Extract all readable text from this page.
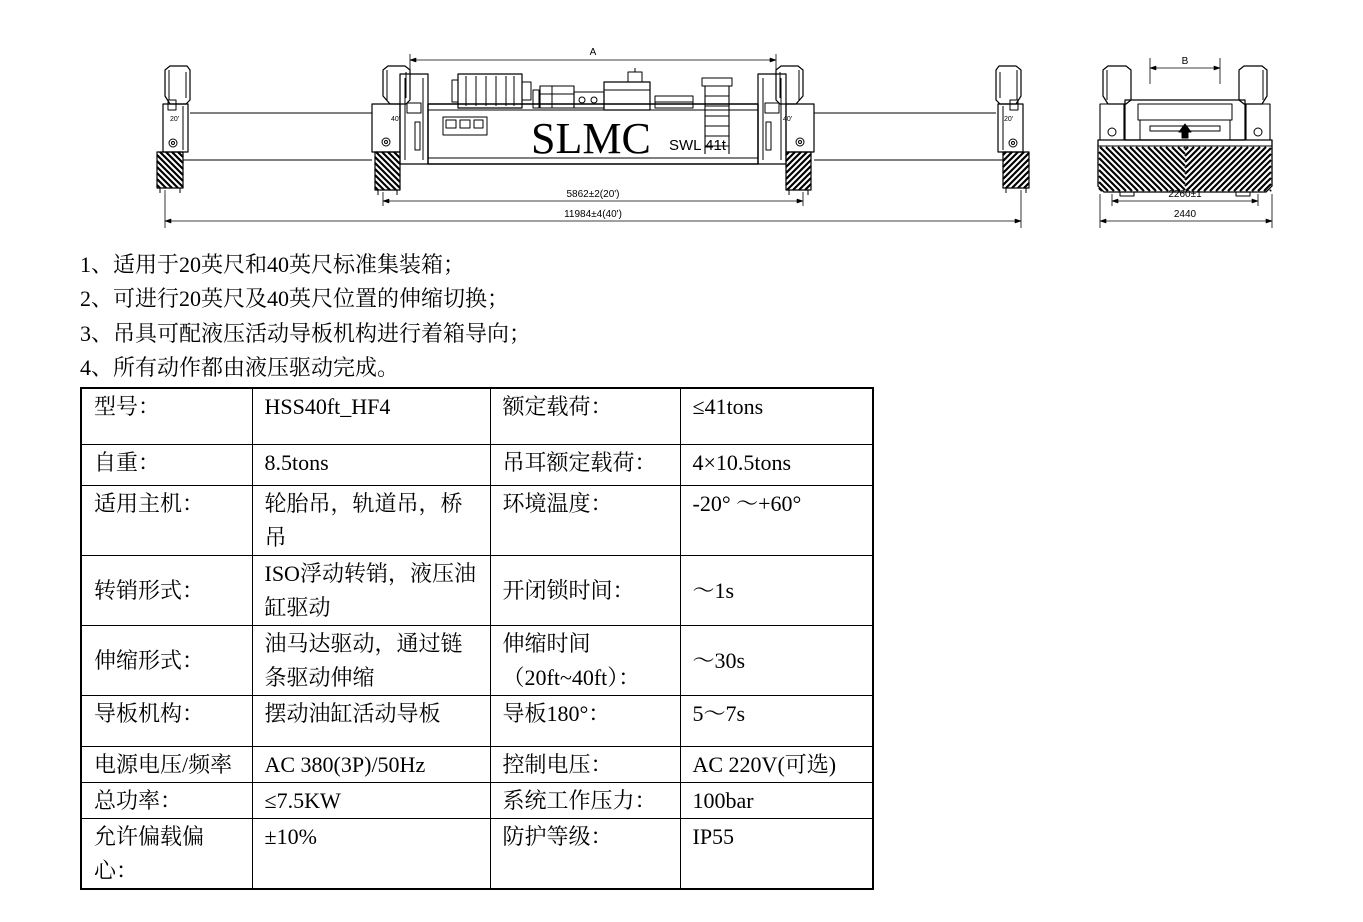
A
SLMC SWL 41t
5862±2(20')
11984±4(40')
20'	40'	40'	20'
B
2260±1
2440
1、适用于20英尺和40英尺标准集装箱；
2、可进行20英尺及40英尺位置的伸缩切换；
3、吊具可配液压活动导板机构进行着箱导向；
4、所有动作都由液压驱动完成。
型号：	HSS40ft_HF4	额定载荷：	≤41tons
自重：	8.5tons	吊耳额定载荷：	4×10.5tons
适用主机：	轮胎吊，轨道吊，桥吊	环境温度：	-20° ～+60°
转销形式：	ISO浮动转销，液压油缸驱动	开闭锁时间：	～1s
伸缩形式：	油马达驱动，通过链条驱动伸缩	伸缩时间（20ft~40ft）：	～30s
导板机构：	摆动油缸活动导板	导板180°：	5～7s
电源电压/频率	AC 380(3P)/50Hz	控制电压：	AC 220V(可选)
总功率：	≤7.5KW	系统工作压力：	100bar
允许偏载偏心：	±10%	防护等级：	IP55
